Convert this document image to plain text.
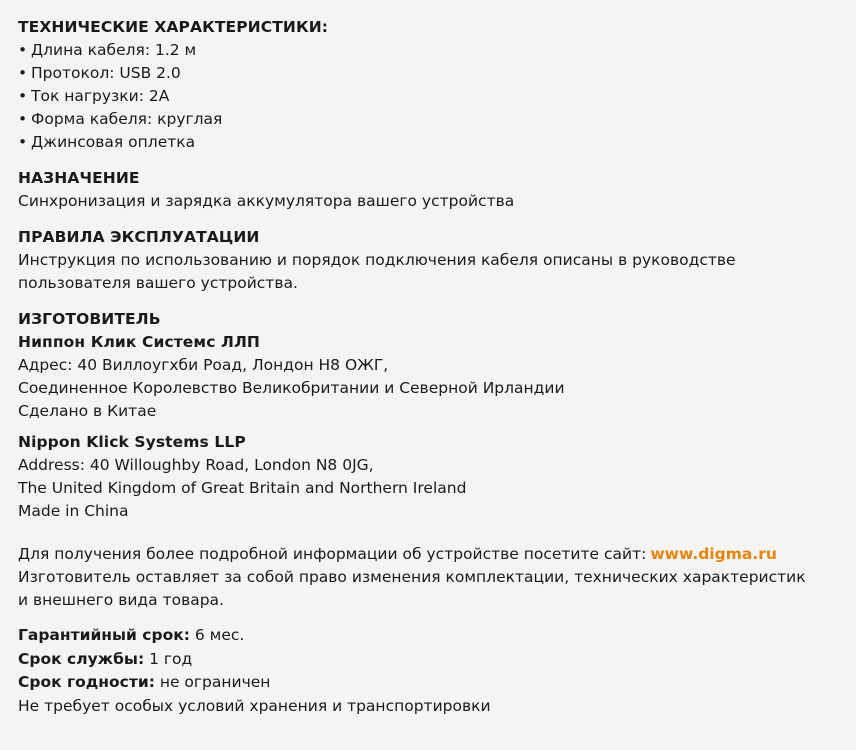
ТЕХНИЧЕСКИЕ ХАРАКТЕРИСТИКИ:
• Длина кабеля: 1.2 м
• Протокол: USB 2.0
• Ток нагрузки: 2А
• Форма кабеля: круглая
• Джинсовая оплетка
НАЗНАЧЕНИЕ
Синхронизация и зарядка аккумулятора вашего устройства
ПРАВИЛА ЭКСПЛУАТАЦИИ
Инструкция по использованию и порядок подключения кабеля описаны в руководстве
пользователя вашего устройства.
ИЗГОТОВИТЕЛЬ
Ниппон Клик Системс ЛЛП
Адрес: 40 Виллоугхби Роад, Лондон Н8 ОЖГ,
Соединенное Королевство Великобритании и Северной Ирландии
Сделано в Китае
Nippon Klick Systems LLP
Address: 40 Willoughby Road, London N8 0JG,
The United Kingdom of Great Britain and Northern Ireland
Made in China
Для получения более подробной информации об устройстве посетите сайт: www.digma.ru
Изготовитель оставляет за собой право изменения комплектации, технических характеристик
и внешнего вида товара.
Гарантийный срок: 6 мес.
Срок службы: 1 год
Срок годности: не ограничен
Не требует особых условий хранения и транспортировки
